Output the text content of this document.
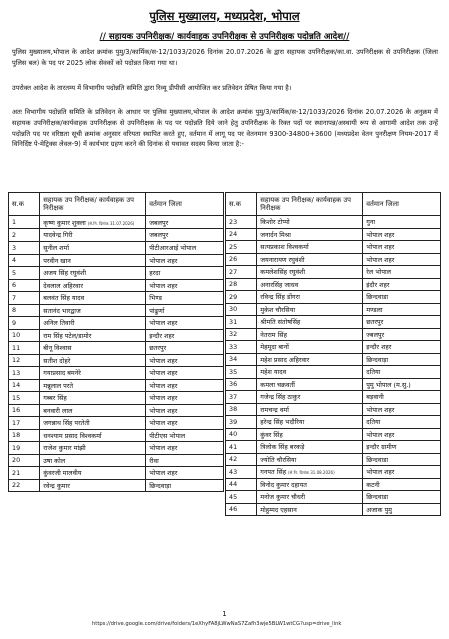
पुलिस मुख्यालय, मध्यप्रदेश, भोपाल
// सहायक उपनिरीक्षक/ कार्यवाहक उपनिरीक्षक से उपनिरीक्षक पदोन्नति आदेश//
पुलिस मुख्यालय,भोपाल के आदेश क्रमांक पुमु/3/कार्मिक/स-12/1033/2026 दिनांक 20.07.2026 के द्वारा सहायक उपनिरीक्षक/का.वा. उपनिरीक्षक से उपनिरीक्षक (जिला पुलिस बल) के पद पर 2025 लोक सेवकों को पदोन्नत किया गया था।
उपरोक्त आदेश के तारतम्य में विभागीय पदोन्नति समिति द्वारा रिव्यू डीपीसी आयोजित कर प्रतिवेदन प्रेषित किया गया है।
अतः विभागीय पदोन्नति समिति के प्रतिवेदन के आधार पर पुलिस मुख्यालय,भोपाल के आदेश क्रमांक पुमु/3/कार्मिक/स-12/1033/2026 दिनांक 20.07.2026 के अनुक्रम में सहायक उपनिरीक्षक/कार्यवाहक उपनिरीक्षक से उपनिरीक्षक के पद पर पदोन्नति दिये जाने हेतु उपनिरीक्षक के रिक्त पदों पर स्थानापन्न/अस्थायी रूप से आगामी आदेश तक उन्हें पदोन्नति पद पर वरिष्ठता सूची क्रमांक अनुसार वरियता स्थापित करते हुए, वर्तमान में लागू पद पर वेतनमान 9300-34800+3600 (मध्यप्रदेश वेतन पुनरीक्षण नियम-2017 में विनिर्दिष्ट पे-मेट्रिक्स लेवल-9) में कार्यभार ग्रहण करने की दिनांक से यथावत सदस्य किया जाता है:-
स.क	सहायक उप निरीक्षक/ कार्यवाहक उप निरीक्षक	वर्तमान जिला
1	कृष्ण कुमार शुक्ला (से.नि. दिनांक 31.07.2026)	जबलपुर
2	यादवेन्द्र गिरी	जबलपुर
3	सुनील शर्मा	पीटीआरआई भोपाल
4	परवीन खान	भोपाल शहर
5	अजय सिंह रघुवंशी	हरदा
6	देवलाल अहिरवार	भोपाल शहर
7	बलवंत सिंह यादव	भिण्ड
8	सतानंद भारद्वाज	पांढुर्णा
9	अनिल तिवारी	भोपाल शहर
10	राम सिंह पटेल/डामोर	इन्दौर शहर
11	बीनू विश्वास	छतरपुर
12	सतीश दोहरे	भोपाल शहर
13	गयाप्रसाद बमनेरे	भोपाल शहर
14	मन्नूलाल परते	भोपाल शहर
15	गब्बर सिंह	भोपाल शहर
16	बनवारी लाल	भोपाल शहर
17	जगन्नाथ सिंह परतेती	भोपाल शहर
18	धनश्याम प्रसाद विश्वकर्मा	पीटीएस भोपाल
19	राजेश कुमार मांझी	भोपाल शहर
20	उषा कोल	रीवा
21	कुंवरजी मालवीय	भोपाल शहर
22	रवेन्द्र कुमार	छिन्दवाड़ा
स.क	सहायक उप निरीक्षक/ कार्यवाहक उप निरीक्षक	वर्तमान जिला
23	किशोर टोप्पो	गुना
24	जनार्दन मिश्रा	भोपाल शहर
25	सत्यप्रकाश विश्वकर्मा	भोपाल शहर
26	जयनारायण रघुवंशी	भोपाल शहर
27	कमलेशसिंह रघुवंशी	रेल भोपाल
28	अनारसिंह जाधव	इंदौर शहर
29	रविन्द्र सिंह डोंगरा	छिन्दवाडा
30	मुकेश चौरसिया	मण्डला
31	श्रीमति संतोषसिंह	छतरपुर
32	नेतराम सिंह	ज्बलपुर
33	मेहमूदा बानों	इन्दौर शहर
34	महेश प्रसाद अहिरवार	छिन्दवाड़ा
35	महेश यादव	दतिया
36	कमला चक्रवर्ती	पुमु भोपाल (म.सु.)
37	गजेन्द्र सिंह ठाकुर	बड़वानी
38	रामचन्द्र वर्मा	भोपाल शहर
39	हरेन्द्र सिंह भदौरिया	दतिया
40	कुंवर सिंह	भोपाल शहर
41	त्रिलोक सिंह बरकड़े	इन्दौर ग्रामीण
42	ज्योति चौरसिया	छिन्दवाडा
43	गनपत सिंह (से.नि. दिनांक 31.08.2026)	भोपाल शहर
44	विनोद कुमार दहायत	कटनी
45	मनोज कुमार चौधरी	छिन्दवाडा
46	मोहुम्मद एहसान	अजाक पुमु
1
https://drive.google.com/drive/folders/1eXhyFA8jLWwNaS7Zafh3wje5BLW1wtCG?usp=drive_link
